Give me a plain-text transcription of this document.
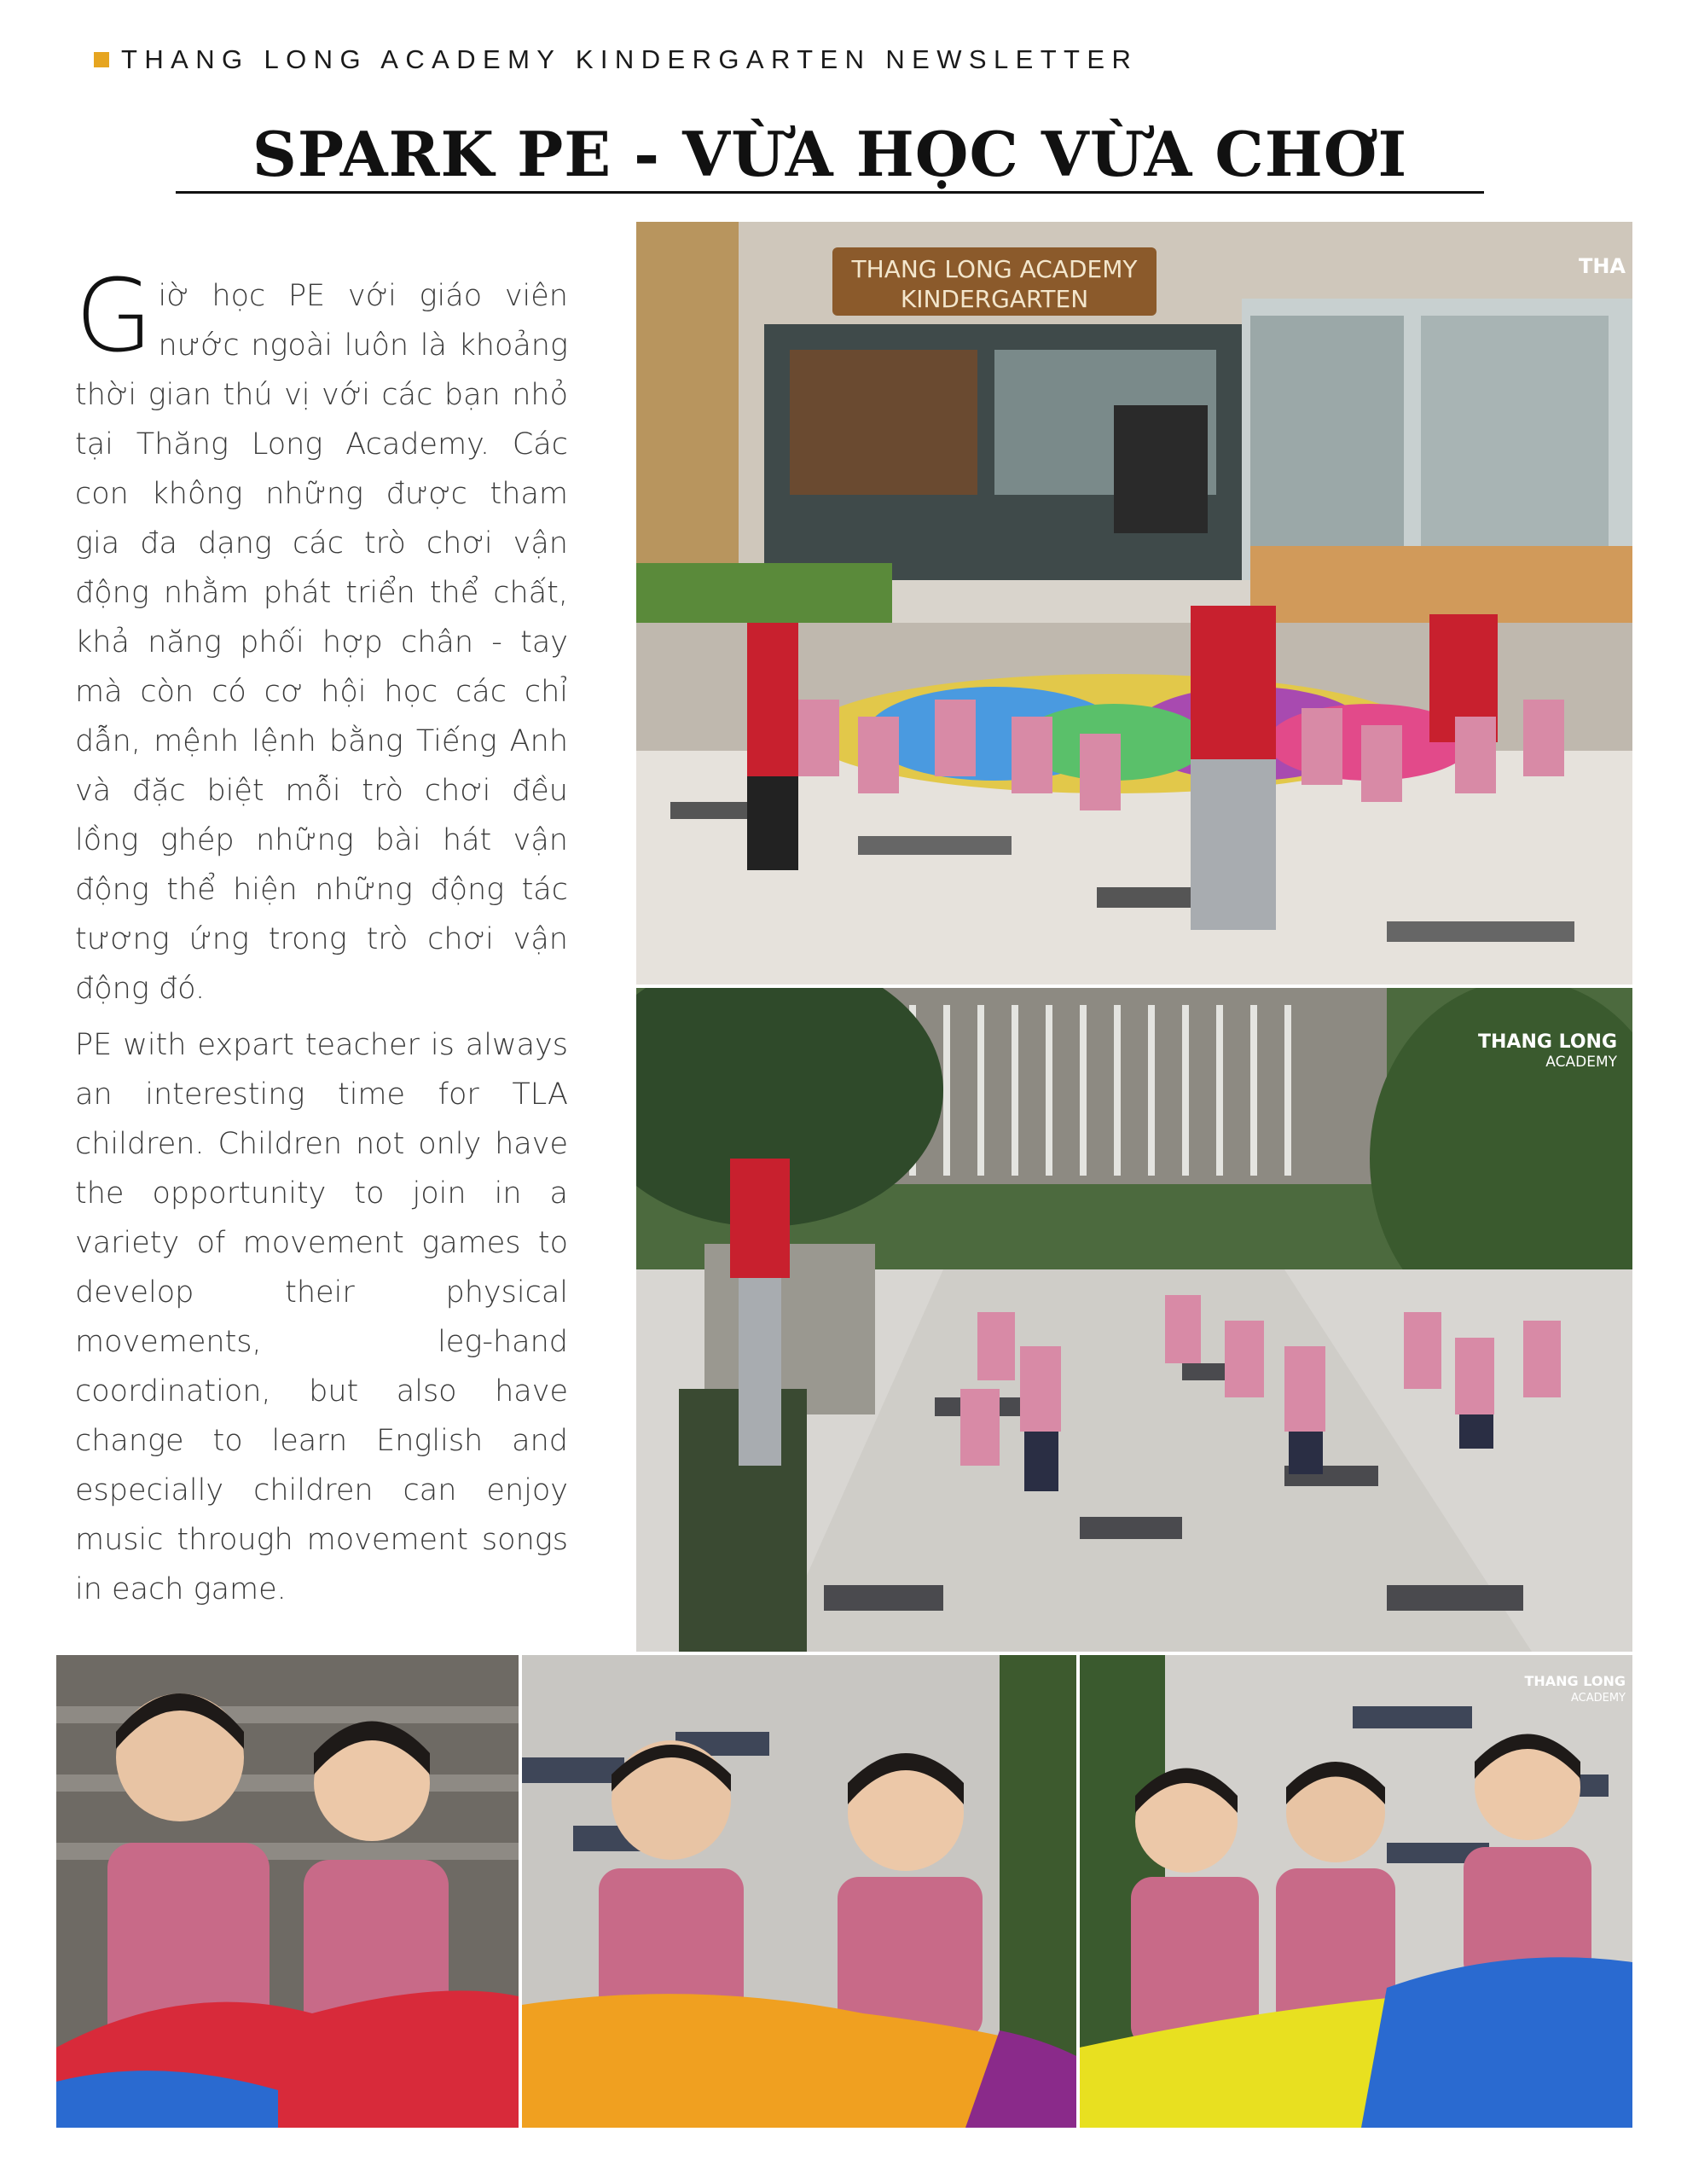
THANG LONG ACADEMY KINDERGARTEN NEWSLETTER
SPARK PE - VỪA HỌC VỪA CHƠI
Giờ học PE với giáo viên nước ngoài luôn là khoảng thời gian thú vị với các bạn nhỏ tại Thăng Long Academy. Các con không những được tham gia đa dạng các trò chơi vận động nhằm phát triển thể chất, khả năng phối hợp chân - tay mà còn có cơ hội học các chỉ dẫn, mệnh lệnh bằng Tiếng Anh và đặc biệt mỗi trò chơi đều lồng ghép những bài hát vận động thể hiện những động tác tương ứng trong trò chơi vận động đó.
PE with expart teacher is always an interesting time for TLA children. Children not only have the opportunity to join in a variety of movement games to develop their physical movements, leg-hand coordination, but also have change to learn English and especially children can enjoy music through movement songs in each game.
THANG LONG ACADEMY
KINDERGARTEN
THA
THANG LONG
ACADEMY
THANG LONG
ACADEMY
